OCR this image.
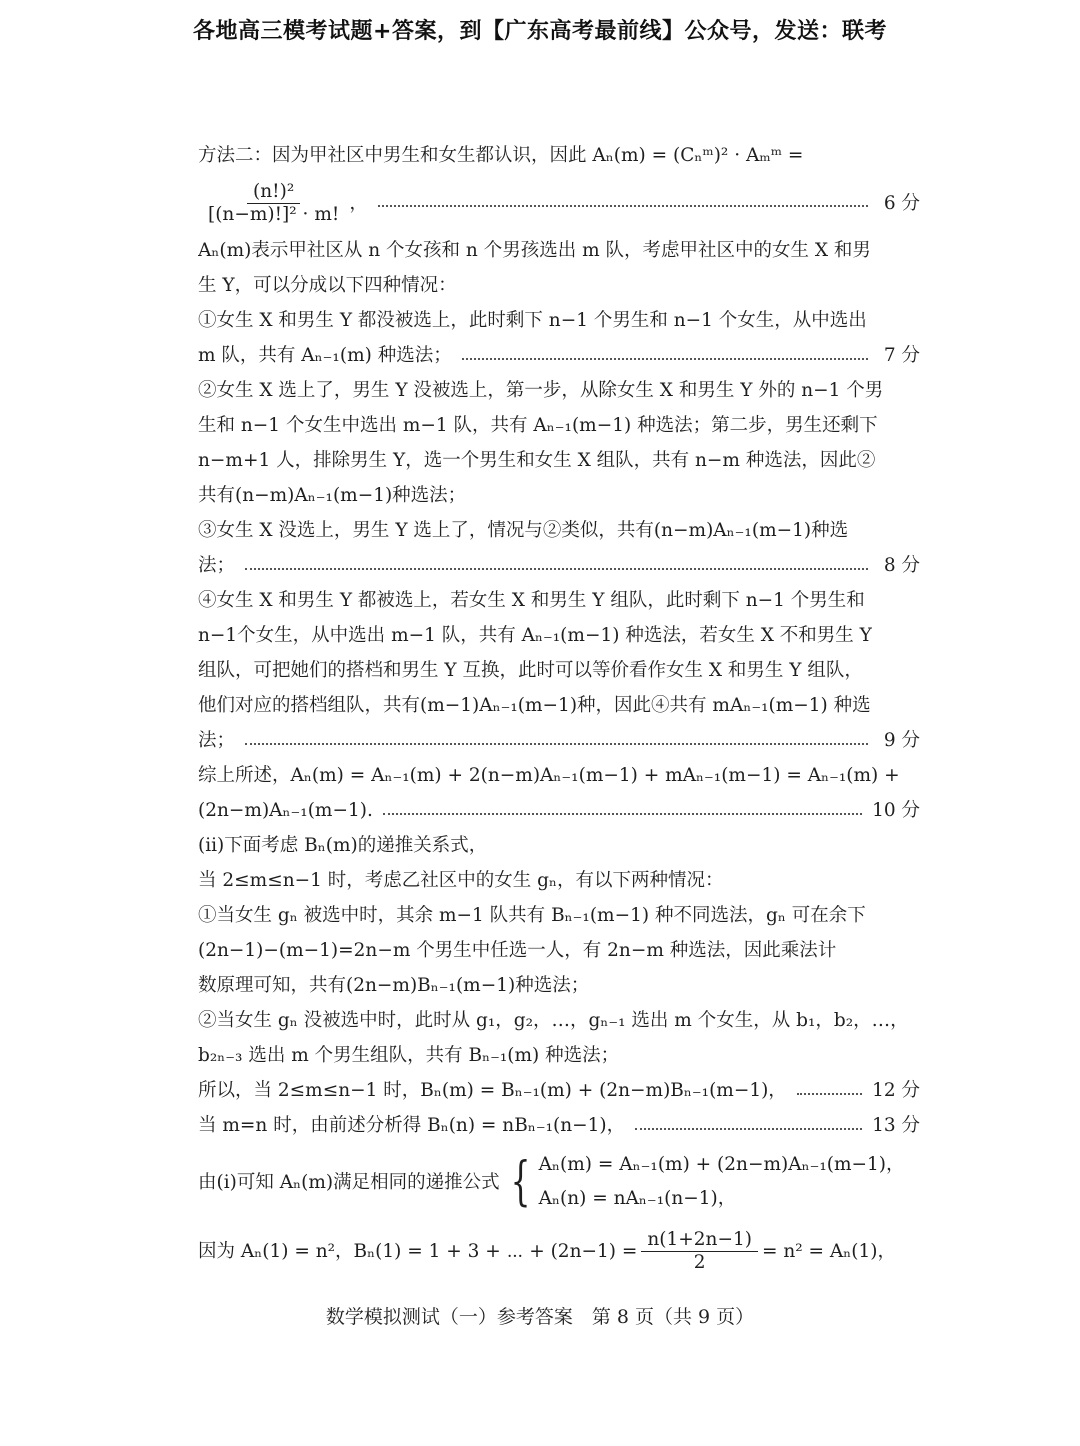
各地高三模考试题+答案，到【广东高考最前线】公众号，发送：联考
方法二：因为甲社区中男生和女生都认识，因此 Aₙ(m) = (Cₙᵐ)² · Aₘᵐ =
$\frac{\text{(n!)²}}{\text{[(n−m)!]² · m!}}$ ，	6 分
Aₙ(m)表示甲社区从 n 个女孩和 n 个男孩选出 m 队，考虑甲社区中的女生 X 和男
生 Y，可以分成以下四种情况：
①女生 X 和男生 Y 都没被选上，此时剩下 n−1 个男生和 n−1 个女生，从中选出
m 队，共有 Aₙ₋₁(m) 种选法；	7 分
②女生 X 选上了，男生 Y 没被选上，第一步，从除女生 X 和男生 Y 外的 n−1 个男
生和 n−1 个女生中选出 m−1 队，共有 Aₙ₋₁(m−1) 种选法；第二步，男生还剩下
n−m+1 人，排除男生 Y，选一个男生和女生 X 组队，共有 n−m 种选法，因此②
共有(n−m)Aₙ₋₁(m−1)种选法；
③女生 X 没选上，男生 Y 选上了，情况与②类似，共有(n−m)Aₙ₋₁(m−1)种选
法；	8 分
④女生 X 和男生 Y 都被选上，若女生 X 和男生 Y 组队，此时剩下 n−1 个男生和
n−1个女生，从中选出 m−1 队，共有 Aₙ₋₁(m−1) 种选法，若女生 X 不和男生 Y
组队，可把她们的搭档和男生 Y 互换，此时可以等价看作女生 X 和男生 Y 组队，
他们对应的搭档组队，共有(m−1)Aₙ₋₁(m−1)种，因此④共有 mAₙ₋₁(m−1) 种选
法；	9 分
综上所述，Aₙ(m) = Aₙ₋₁(m) + 2(n−m)Aₙ₋₁(m−1) + mAₙ₋₁(m−1) = Aₙ₋₁(m) +
(2n−m)Aₙ₋₁(m−1).	10 分
(ii)下面考虑 Bₙ(m)的递推关系式，
当 2≤m≤n−1 时，考虑乙社区中的女生 gₙ，有以下两种情况：
①当女生 gₙ 被选中时，其余 m−1 队共有 Bₙ₋₁(m−1) 种不同选法，gₙ 可在余下
(2n−1)−(m−1)=2n−m 个男生中任选一人，有 2n−m 种选法，因此乘法计
数原理可知，共有(2n−m)Bₙ₋₁(m−1)种选法；
②当女生 gₙ 没被选中时，此时从 g₁，g₂，…，gₙ₋₁ 选出 m 个女生，从 b₁，b₂，…，
b₂ₙ₋₃ 选出 m 个男生组队，共有 Bₙ₋₁(m) 种选法；
所以，当 2≤m≤n−1 时，Bₙ(m) = Bₙ₋₁(m) + (2n−m)Bₙ₋₁(m−1)，	12 分
当 m=n 时，由前述分析得 Bₙ(n) = nBₙ₋₁(n−1)，	13 分
由(i)可知 Aₙ(m)满足相同的递推公式 { Aₙ(m) = Aₙ₋₁(m) + (2n−m)Aₙ₋₁(m−1)，
Aₙ(n) = nAₙ₋₁(n−1)，
因为 Aₙ(1) = n²，Bₙ(1) = 1 + 3 + ⋯ + $(2n-1) = \frac{n(1+2n-1)}{2} = n^2 = A_n(1)$，
数学模拟测试（一）参考答案　第 8 页（共 9 页）
